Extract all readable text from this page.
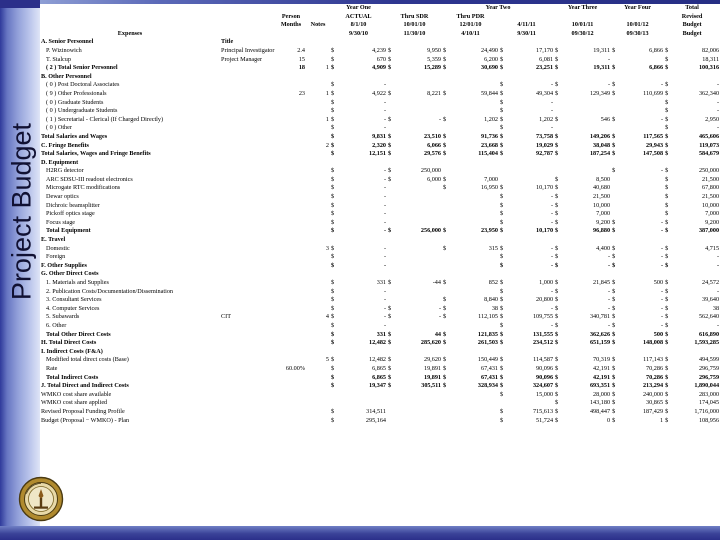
Project Budget
				Year One				Year Two				Year Three		Year Four		Total	
		Person		ACTUAL		Thru SDR		Thru PDR								Revised	
		Months	Notes	8/1/10		10/01/10		12/01/10		4/11/11		10/01/11		10/01/12		Budget	
Expenses				9/30/10		11/30/10		4/10/11		9/30/11		09/30/12		09/30/13		Budget	
A. Senior Personnel	Title																
P. Wizinowich	Principal Investigator	2.4		$	4,239	$	9,950	$	24,490	$	17,170	$	19,311	$	6,866	$	82,006
T. Stalcup	Project Manager	15		$	670	$	5,359	$	6,200	$	6,081	$	-			$	18,311
( 2 ) Total Senior Personnel		18	1	$	4,909	$	15,289	$	30,690	$	23,251	$	19,311	$	6,866	$	100,316
B. Other Personnel																	
( 0 ) Post Doctoral Associates				$	-					$	-	$	-	$	-	$	-
( 9 ) Other Professionals		23	1	$	4,922	$	8,221	$	59,844	$	49,304	$	129,349	$	110,699	$	362,340
( 0 ) Graduate Students				$	-					$	-					$	-
( 0 ) Undergraduate Students				$	-					$	-					$	-
( 1 ) Secretarial - Clerical (If Charged Directly)			1	$	-	$	-	$	1,202	$	1,202	$	546	$	-	$	2,950
( 0 ) Other				$	-					$	-					$	-
Total Salaries and Wages				$	9,831	$	23,510	$	91,736	$	73,758	$	149,206	$	117,565	$	465,606
C. Fringe Benefits			2	$	2,320	$	6,066	$	23,668	$	19,029	$	38,048	$	29,943	$	119,073
Total Salaries, Wages and Fringe Benefits				$	12,151	$	29,576	$	115,404	$	92,787	$	187,254	$	147,508	$	584,679
D. Equipment																	
H2RG detector				$	-	$	250,000							$	-	$	250,000
ARC SDSU-III readout electronics				$	-	$	6,000	$	7,000			$	8,500			$	21,500
Microgate RTC modifications				$	-			$	16,950	$	10,170	$	40,680			$	67,800
Dewar optics				$	-					$	-	$	21,500			$	21,500
Dichroic beamsplitter				$	-					$	-	$	10,000			$	10,000
Pickoff optics stage				$	-					$	-	$	7,000			$	7,000
Focus stage				$	-					$	-	$	9,200	$	-	$	9,200
Total Equipment				$	-	$	256,000	$	23,950	$	10,170	$	96,880	$	-	$	387,000
E. Travel																	
Domestic			3	$	-			$	315	$	-	$	4,400	$	-	$	4,715
Foreign				$	-					$	-	$	-	$	-	$	-
F. Other Supplies				$	-					$	-	$	-	$	-	$	-
G. Other Direct Costs																	
1. Materials and Supplies				$	331	$	-44	$	852	$	1,000	$	21,845	$	500	$	24,572
2. Publication Costs/Documentation/Dissemination				$	-					$	-	$	-	$	-	$	-
3. Consultant Services				$	-			$	8,840	$	20,800	$	-	$	-	$	39,640
4. Computer Services				$	-	$	-	$	38	$	-	$	-	$	-	$	38
5. Subawards	CIT		4	$	-	$	-	$	112,105	$	109,755	$	340,781	$	-	$	562,640
6. Other				$	-					$	-	$	-	$	-	$	-
Total Other Direct Costs				$	331	$	44	$	121,835	$	131,555	$	362,626	$	500	$	616,890
H. Total Direct Costs				$	12,482	$	285,620	$	261,503	$	234,512	$	651,159	$	148,008	$	1,593,285
I. Indirect Costs (F&A)																	
Modified total direct costs (Base)			5	$	12,482	$	29,620	$	150,449	$	114,587	$	70,319	$	117,143	$	494,599
Rate		60.00%		$	6,865	$	19,891	$	67,431	$	90,096	$	42,191	$	70,286	$	296,759
Total Indirect Costs				$	6,865	$	19,891	$	67,431	$	90,096	$	42,191	$	70,286	$	296,759
J. Total Direct and Indirect Costs				$	19,347	$	305,511	$	328,934	$	324,607	$	693,351	$	213,294	$	1,890,044
WMKO cost share available										$	15,000	$	28,000	$	240,000	$	283,000
WMKO cost share applied												$	143,180	$	30,865	$	174,045
Revised Proposal Funding Profile				$	314,511					$	715,613	$	498,447	$	187,429	$	1,716,000
Budget (Proposal − WMKO) - Plan				$	295,164					$	51,724	$	0	$	1	$	108,956
